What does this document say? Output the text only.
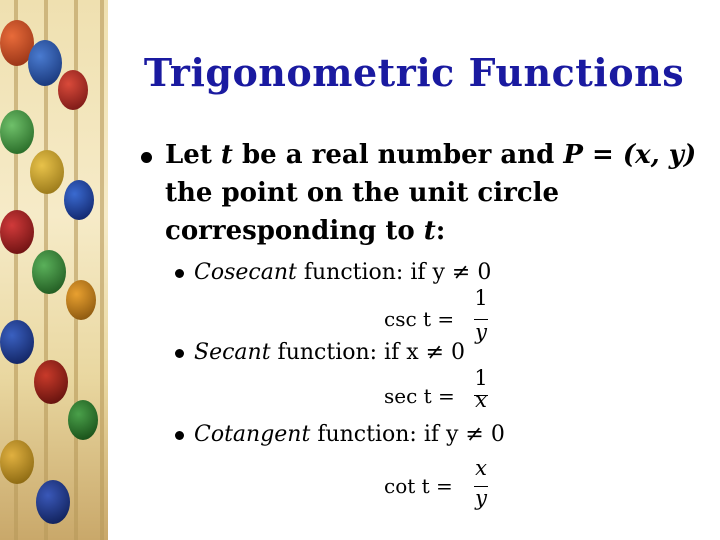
Trigonometric Functions
Let t be a real number and P = (x, y)
the point on the unit circle
corresponding to t:
Cosecant function: if y ≠ 0
csc t =
1
y
Secant function: if x ≠ 0
sec t =
1
x
Cotangent function: if y ≠ 0
cot t =
x
y
